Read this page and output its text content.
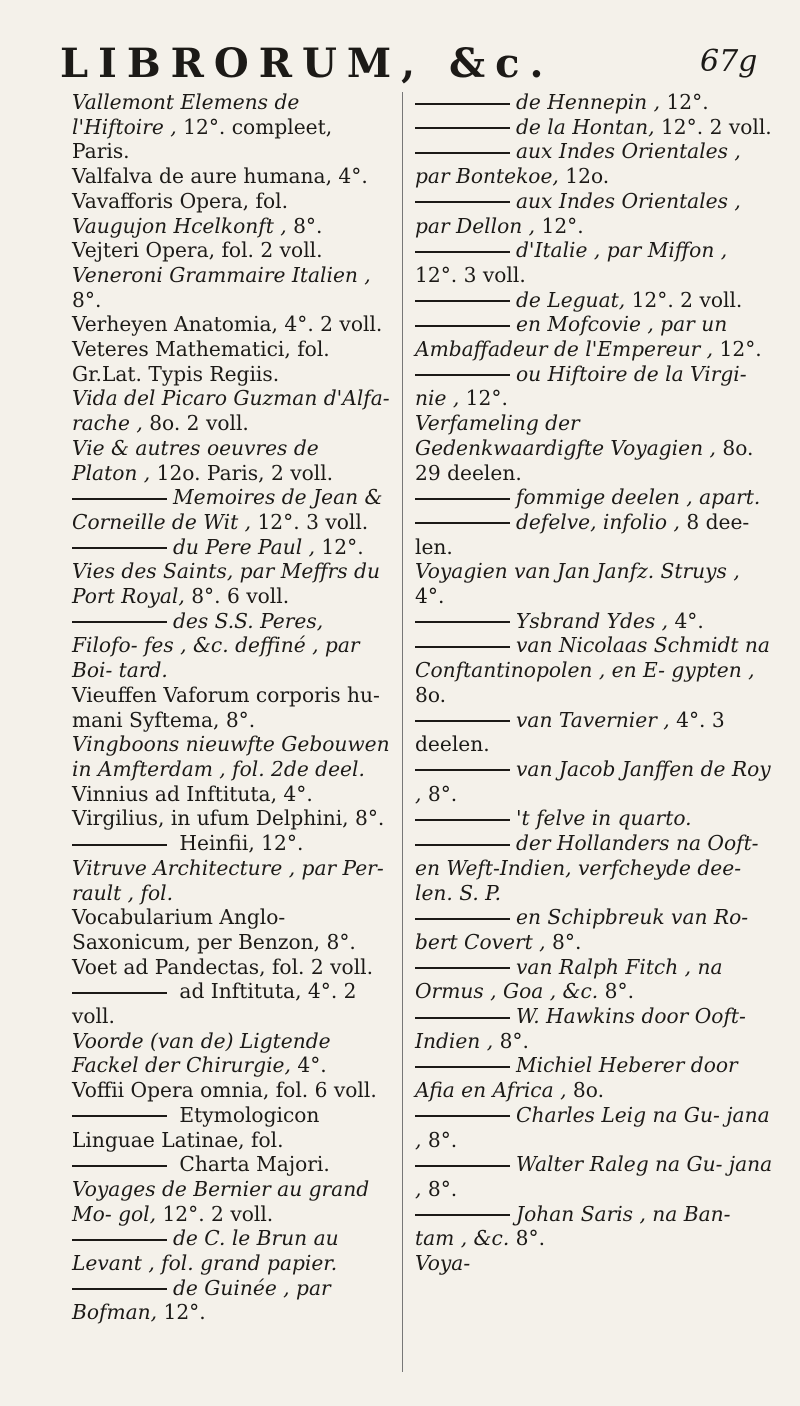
LIBRORUM, &c.	67g

Vallemont Elemens de l'Hiftoire , 12°. compleet, Paris.

Valfalva de aure humana, 4°.

Vavafforis Opera, fol.

Vaugujon Hcelkonft , 8°.

Vejteri Opera, fol. 2 voll.

Veneroni Grammaire Italien , 8°.

Verheyen Anatomia, 4°. 2 voll.

Veteres Mathematici, fol. Gr.Lat. Typis Regiis.

Vida del Picaro Guzman d'Alfa- rache , 8o. 2 voll.

Vie & autres oeuvres de Platon , 12o. Paris, 2 voll.

Memoires de Jean & Corneille de Wit , 12°. 3 voll.

du Pere Paul , 12°.

Vies des Saints, par Meffrs du Port Royal, 8°. 6 voll.

des S.S. Peres, Filofo- fes , &c. deffiné , par Boi- tard.

Vieuffen Vaforum corporis hu- mani Syftema, 8°.

Vingboons nieuwfte Gebouwen in Amfterdam , fol. 2de deel.

Vinnius ad Inftituta, 4°.

Virgilius, in ufum Delphini, 8°.

Heinfii, 12°.

Vitruve Architecture , par Per- rault , fol.

Vocabularium Anglo-Saxonicum, per Benzon, 8°.

Voet ad Pandectas, fol. 2 voll.

ad Inftituta, 4°. 2 voll.

Voorde (van de) Ligtende Fackel der Chirurgie, 4°.

Voffii Opera omnia, fol. 6 voll.

Etymologicon Linguae Latinae, fol.

Charta Majori.

Voyages de Bernier au grand Mo- gol, 12°. 2 voll.

de C. le Brun au Levant , fol. grand papier.

de Guinée , par Bofman, 12°.

de Hennepin , 12°.

de la Hontan, 12°. 2 voll.

aux Indes Orientales , par Bontekoe, 12o.

aux Indes Orientales , par Dellon , 12°.

d'Italie , par Miffon , 12°. 3 voll.

de Leguat, 12°. 2 voll.

en Mofcovie , par un Ambaffadeur de l'Empereur , 12°.

ou Hiftoire de la Virgi- nie , 12°.

Verfameling der Gedenkwaardigfte Voyagien , 8o. 29 deelen.

fommige deelen , apart.

defelve, infolio , 8 dee- len.

Voyagien van Jan Janfz. Struys , 4°.

Ysbrand Ydes , 4°.

van Nicolaas Schmidt na Conftantinopolen , en E- gypten , 8o.

van Tavernier , 4°. 3 deelen.

van Jacob Janffen de Roy , 8°.

't felve in quarto.

der Hollanders na Ooft- en Weft-Indien, verfcheyde dee- len. S. P.

en Schipbreuk van Ro- bert Covert , 8°.

van Ralph Fitch , na Ormus , Goa , &c. 8°.

W. Hawkins door Ooft-Indien , 8°.

Michiel Heberer door Afia en Africa , 8o.

Charles Leig na Gu- jana , 8°.

Walter Raleg na Gu- jana , 8°.

Johan Saris , na Ban- tam , &c. 8°.

Voya-
